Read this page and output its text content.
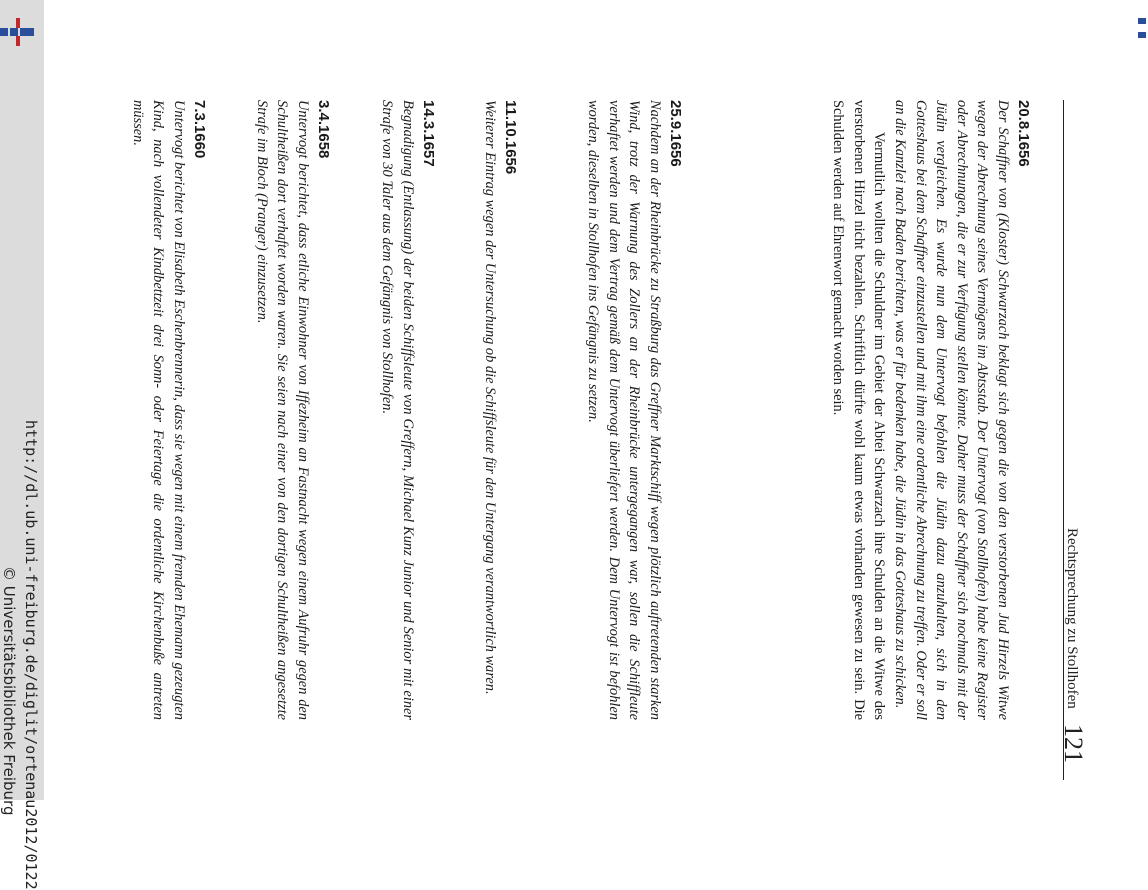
http://dl.ub.uni-freiburg.de/diglit/ortenau2012/0122
© Universitätsbibliothek Freiburg	Rechtsprechung zu Stollhofen
121

20.8.1656

Der Schaffner von (Kloster) Schwarzach beklagt sich gegen die von den verstorbenen Jud Hirzels Witwe wegen der Abrechnung seines Vermögens im Abtsstab. Der Untervogt (von Stollhofen) habe keine Register oder Abrechnungen, die er zur Verfügung stellen könnte. Daher muss der Schaffner sich nochmals mit der Jüdin vergleichen. Es wurde nun dem Untervogt befohlen die Jüdin dazu anzuhalten, sich in den Gotteshaus bei dem Schaffner einzustellen und mit ihm eine ordentliche Abrechnung zu treffen. Oder er soll an die Kanzlei nach Baden berichten, was er für bedenken habe, die Jüdin in das Gotteshaus zu schicken.

Vermutlich wollten die Schuldner im Gebiet der Abtei Schwarzach ihre Schulden an die Witwe des verstorbenen Hirzel nicht bezahlen. Schriftlich dürfte wohl kaum etwas vorhanden gewesen zu sein. Die Schulden werden auf Ehrenwort gemacht worden sein.

25.9.1656

Nachdem an der Rheinbrücke zu Straßburg das Greffner Marktschiff wegen plötzlich auftretenden starken Wind, trotz der Warnung des Zollers an der Rheinbrücke untergegangen war, sollen die Schiffleute verhaftet werden und dem Vertrag gemäß dem Untervogt überliefert werden. Dem Untervogt ist befohlen worden, dieselben in Stollhofen ins Gefängnis zu setzen.

11.10.1656

Weiterer Eintrag wegen der Untersuchung ob die Schiffsleute für den Untergang verantwortlich waren.

14.3.1657

Begnadigung (Entlassung) der beiden Schiffsleute von Greffern, Michael Kunz Junior und Senior mit einer Strafe von 30 Taler aus dem Gefängnis von Stollhofen.

3.4.1658

Untervogt berichtet, dass etliche Einwohner von Iffezheim an Fastnacht wegen einem Aufruhr gegen den Schultheißen dort verhaftet worden waren. Sie seien nach einer von den dortigen Schultheißen angesetzte Strafe im Bloch (Pranger) einzusetzen.

7.3.1660

Untervogt berichtet von Elisabeth Eschenbrennerin, dass sie wegen mit einem fremden Ehemann gezeugten Kind, nach vollendeter Kindbettzeit drei Sonn- oder Feiertage die ordentliche Kirchenbuße antreten müssen.
